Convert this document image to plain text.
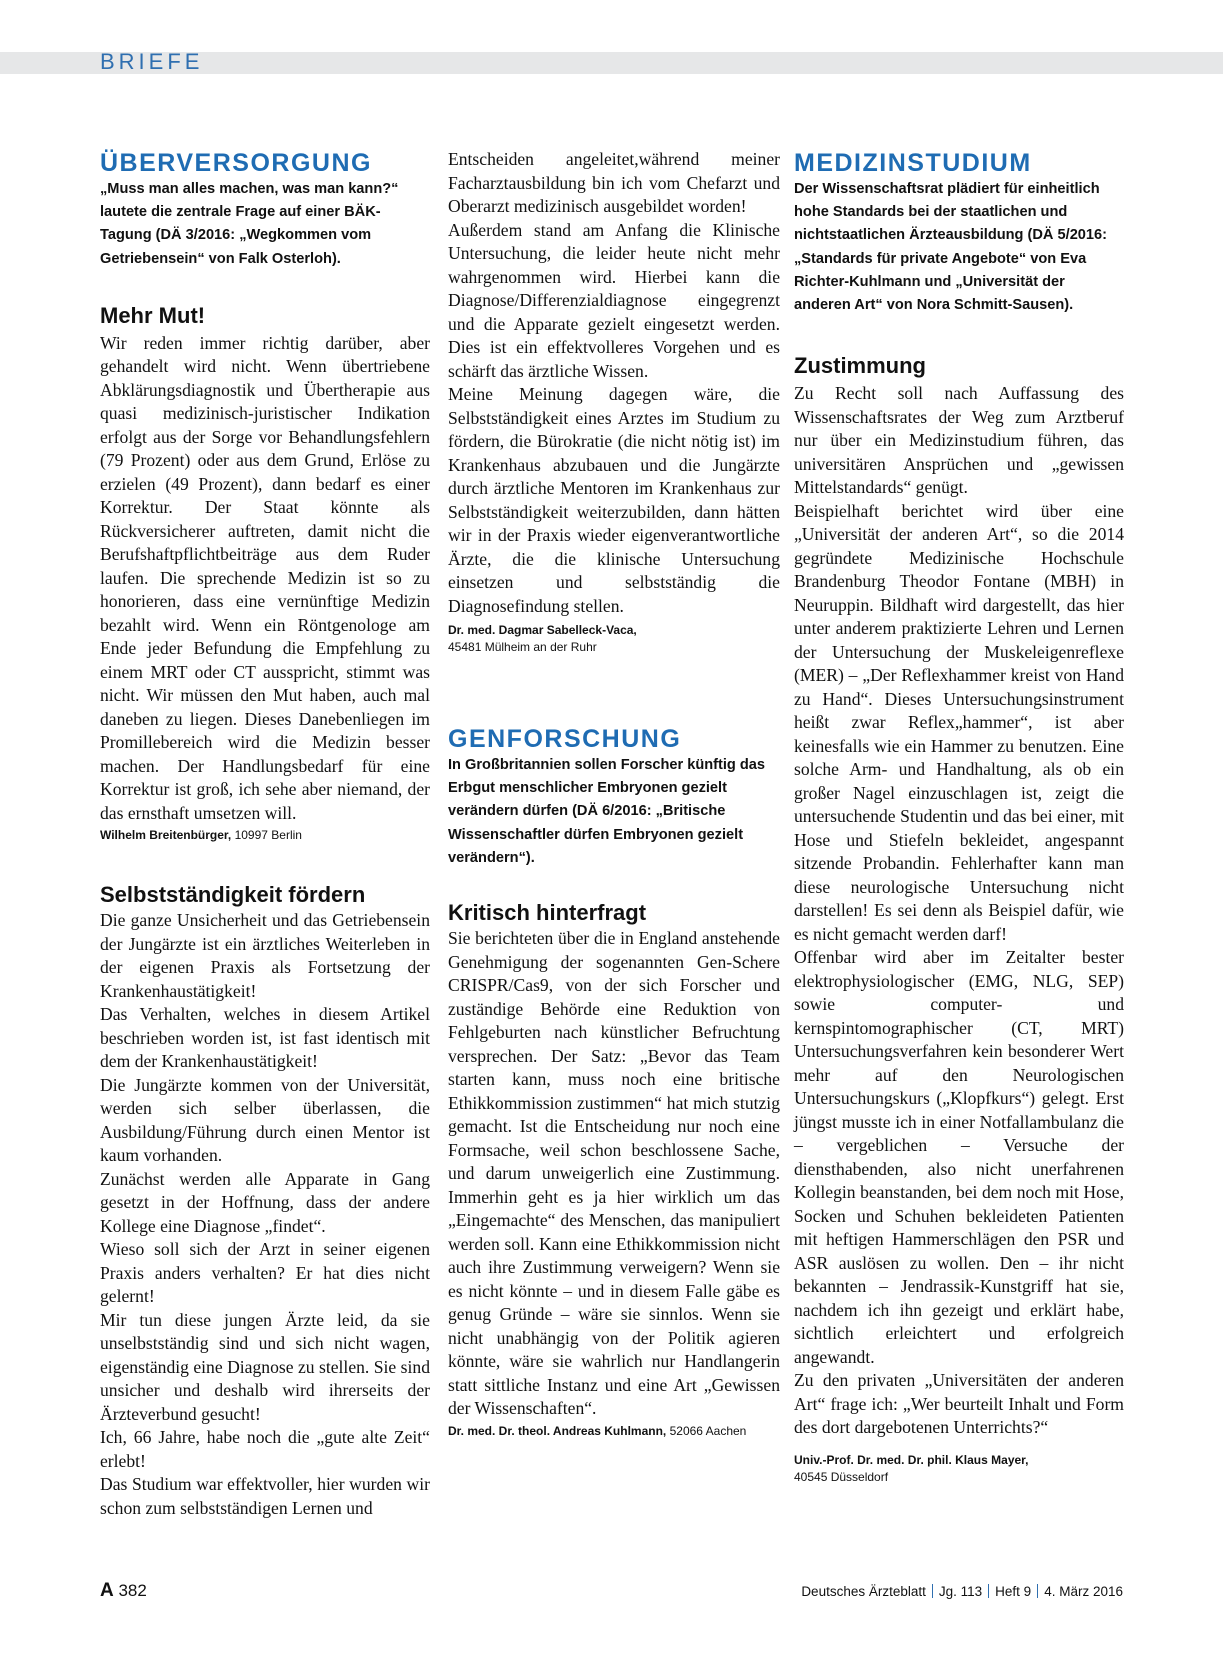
BRIEFE
ÜBERVERSORGUNG

„Muss man alles machen, was man kann?“ lautete die zentrale Frage auf einer BÄK-Tagung (DÄ 3/2016: „Wegkommen vom Getriebensein“ von Falk Osterloh).

Mehr Mut!

Wir reden immer richtig darüber, aber gehandelt wird nicht. Wenn übertriebene Abklärungsdiagnostik und Übertherapie aus quasi medizinisch-juristischer Indikation erfolgt aus der Sorge vor Behandlungsfehlern (79 Prozent) oder aus dem Grund, Erlöse zu erzielen (49 Prozent), dann bedarf es einer Korrektur. Der Staat könnte als Rückversicherer auftreten, damit nicht die Berufshaftpflichtbeiträge aus dem Ruder laufen. Die sprechende Medizin ist so zu honorieren, dass eine vernünftige Medizin bezahlt wird. Wenn ein Röntgenologe am Ende jeder Befundung die Empfehlung zu einem MRT oder CT ausspricht, stimmt was nicht. Wir müssen den Mut haben, auch mal daneben zu liegen. Dieses Danebenliegen im Promillebereich wird die Medizin besser machen. Der Handlungsbedarf für eine Korrektur ist groß, ich sehe aber niemand, der das ernsthaft umsetzen will.

Wilhelm Breitenbürger, 10997 Berlin

Selbstständigkeit fördern

Die ganze Unsicherheit und das Getriebensein der Jungärzte ist ein ärztliches Weiterleben in der eigenen Praxis als Fortsetzung der Krankenhaustätigkeit!

Das Verhalten, welches in diesem Artikel beschrieben worden ist, ist fast identisch mit dem der Krankenhaustätigkeit!

Die Jungärzte kommen von der Universität, werden sich selber überlassen, die Ausbildung/Führung durch einen Mentor ist kaum vorhanden.

Zunächst werden alle Apparate in Gang gesetzt in der Hoffnung, dass der andere Kollege eine Diagnose „findet“.

Wieso soll sich der Arzt in seiner eigenen Praxis anders verhalten? Er hat dies nicht gelernt!

Mir tun diese jungen Ärzte leid, da sie unselbstständig sind und sich nicht wagen, eigenständig eine Diagnose zu stellen. Sie sind unsicher und deshalb wird ihrerseits der Ärzteverbund gesucht!

Ich, 66 Jahre, habe noch die „gute alte Zeit“ erlebt!

Das Studium war effektvoller, hier wurden wir schon zum selbstständigen Lernen und

Entscheiden angeleitet,während meiner Facharztausbildung bin ich vom Chefarzt und Oberarzt medizinisch ausgebildet worden!

Außerdem stand am Anfang die Klinische Untersuchung, die leider heute nicht mehr wahrgenommen wird. Hierbei kann die Diagnose/Differenzialdiagnose eingegrenzt und die Apparate gezielt eingesetzt werden. Dies ist ein effektvolleres Vorgehen und es schärft das ärztliche Wissen.

Meine Meinung dagegen wäre, die Selbstständigkeit eines Arztes im Studium zu fördern, die Bürokratie (die nicht nötig ist) im Krankenhaus abzubauen und die Jungärzte durch ärztliche Mentoren im Krankenhaus zur Selbstständigkeit weiterzubilden, dann hätten wir in der Praxis wieder eigenverantwortliche Ärzte, die die klinische Untersuchung einsetzen und selbstständig die Diagnosefindung stellen.

Dr. med. Dagmar Sabelleck-Vaca,

45481 Mülheim an der Ruhr

GENFORSCHUNG

In Großbritannien sollen Forscher künftig das Erbgut menschlicher Embryonen gezielt verändern dürfen (DÄ 6/2016: „Britische Wissenschaftler dürfen Embryonen gezielt verändern“).

Kritisch hinterfragt

Sie berichteten über die in England anstehende Genehmigung der sogenannten Gen-Schere CRISPR/Cas9, von der sich Forscher und zuständige Behörde eine Reduktion von Fehlgeburten nach künstlicher Befruchtung versprechen. Der Satz: „Bevor das Team starten kann, muss noch eine britische Ethikkommission zustimmen“ hat mich stutzig gemacht. Ist die Entscheidung nur noch eine Formsache, weil schon beschlossene Sache, und darum unweigerlich eine Zustimmung. Immerhin geht es ja hier wirklich um das „Eingemachte“ des Menschen, das manipuliert werden soll. Kann eine Ethikkommission nicht auch ihre Zustimmung verweigern? Wenn sie es nicht könnte – und in diesem Falle gäbe es genug Gründe – wäre sie sinnlos. Wenn sie nicht unabhängig von der Politik agieren könnte, wäre sie wahrlich nur Handlangerin statt sittliche Instanz und eine Art „Gewissen der Wissenschaften“.

Dr. med. Dr. theol. Andreas Kuhlmann, 52066 Aachen

MEDIZINSTUDIUM

Der Wissenschaftsrat plädiert für einheitlich hohe Standards bei der staatlichen und nichtstaatlichen Ärzteausbildung (DÄ 5/2016: „Standards für private Angebote“ von Eva Richter-Kuhlmann und „Universität der anderen Art“ von Nora Schmitt-Sausen).

Zustimmung

Zu Recht soll nach Auffassung des Wissenschaftsrates der Weg zum Arztberuf nur über ein Medizinstudium führen, das universitären Ansprüchen und „gewissen Mittelstandards“ genügt.

Beispielhaft berichtet wird über eine „Universität der anderen Art“, so die 2014 gegründete Medizinische Hochschule Brandenburg Theodor Fontane (MBH) in Neuruppin. Bildhaft wird dargestellt, das hier unter anderem praktizierte Lehren und Lernen der Untersuchung der Muskeleigenreflexe (MER) – „Der Reflexhammer kreist von Hand zu Hand“. Dieses Untersuchungsinstrument heißt zwar Reflex„hammer“, ist aber keinesfalls wie ein Hammer zu benutzen. Eine solche Arm- und Handhaltung, als ob ein großer Nagel einzuschlagen ist, zeigt die untersuchende Studentin und das bei einer, mit Hose und Stiefeln bekleidet, angespannt sitzende Probandin. Fehlerhafter kann man diese neurologische Untersuchung nicht darstellen! Es sei denn als Beispiel dafür, wie es nicht gemacht werden darf!

Offenbar wird aber im Zeitalter bester elektrophysiologischer (EMG, NLG, SEP) sowie computer- und kernspintomographischer (CT, MRT) Untersuchungsverfahren kein besonderer Wert mehr auf den Neurologischen Untersuchungskurs („Klopfkurs“) gelegt. Erst jüngst musste ich in einer Notfallambulanz die – vergeblichen – Versuche der diensthabenden, also nicht unerfahrenen Kollegin beanstanden, bei dem noch mit Hose, Socken und Schuhen bekleideten Patienten mit heftigen Hammerschlägen den PSR und ASR auslösen zu wollen. Den – ihr nicht bekannten – Jendrassik-Kunstgriff hat sie, nachdem ich ihn gezeigt und erklärt habe, sichtlich erleichtert und erfolgreich angewandt.

Zu den privaten „Universitäten der anderen Art“ frage ich: „Wer beurteilt Inhalt und Form des dort dargebotenen Unterrichts?“

Univ.-Prof. Dr. med. Dr. phil. Klaus Mayer,

40545 Düsseldorf

A 382	Deutsches Ärzteblatt Jg. 113 Heft 9 4. März 2016
